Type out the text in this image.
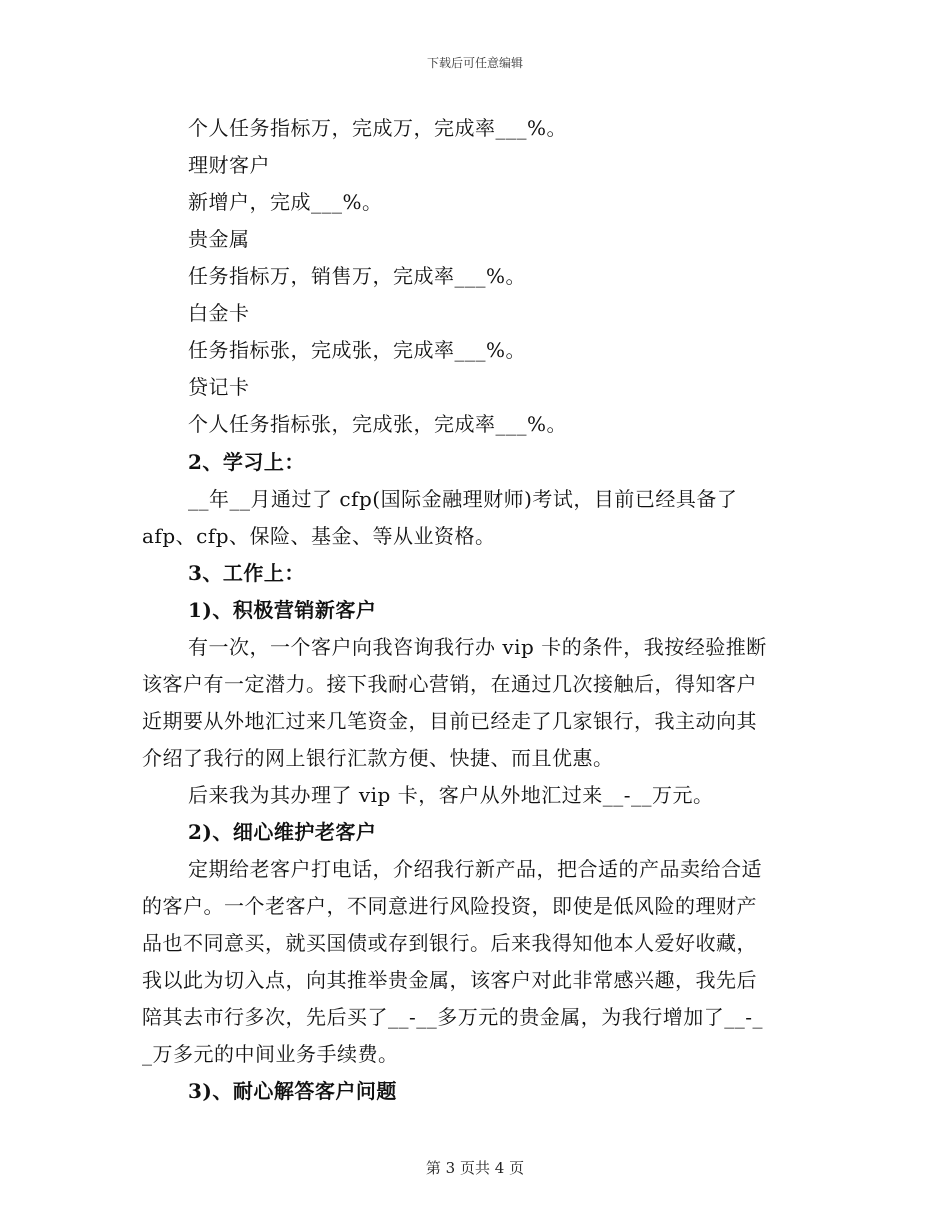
下载后可任意编辑
个人任务指标万，完成万，完成率___%。
理财客户
新增户，完成___%。
贵金属
任务指标万，销售万，完成率___%。
白金卡
任务指标张，完成张，完成率___%。
贷记卡
个人任务指标张，完成张，完成率___%。
2、学习上：
__年__月通过了 cfp(国际金融理财师)考试，目前已经具备了
afp、cfp、保险、基金、等从业资格。
3、工作上：
1)、积极营销新客户
有一次，一个客户向我咨询我行办 vip 卡的条件，我按经验推断
该客户有一定潜力。接下我耐心营销，在通过几次接触后，得知客户
近期要从外地汇过来几笔资金，目前已经走了几家银行，我主动向其
介绍了我行的网上银行汇款方便、快捷、而且优惠。
后来我为其办理了 vip 卡，客户从外地汇过来__-__万元。
2)、细心维护老客户
定期给老客户打电话，介绍我行新产品，把合适的产品卖给合适
的客户。一个老客户，不同意进行风险投资，即使是低风险的理财产
品也不同意买，就买国债或存到银行。后来我得知他本人爱好收藏，
我以此为切入点，向其推举贵金属，该客户对此非常感兴趣，我先后
陪其去市行多次，先后买了__-__多万元的贵金属，为我行增加了__-_
_万多元的中间业务手续费。
3)、耐心解答客户问题
第 3 页共 4 页
